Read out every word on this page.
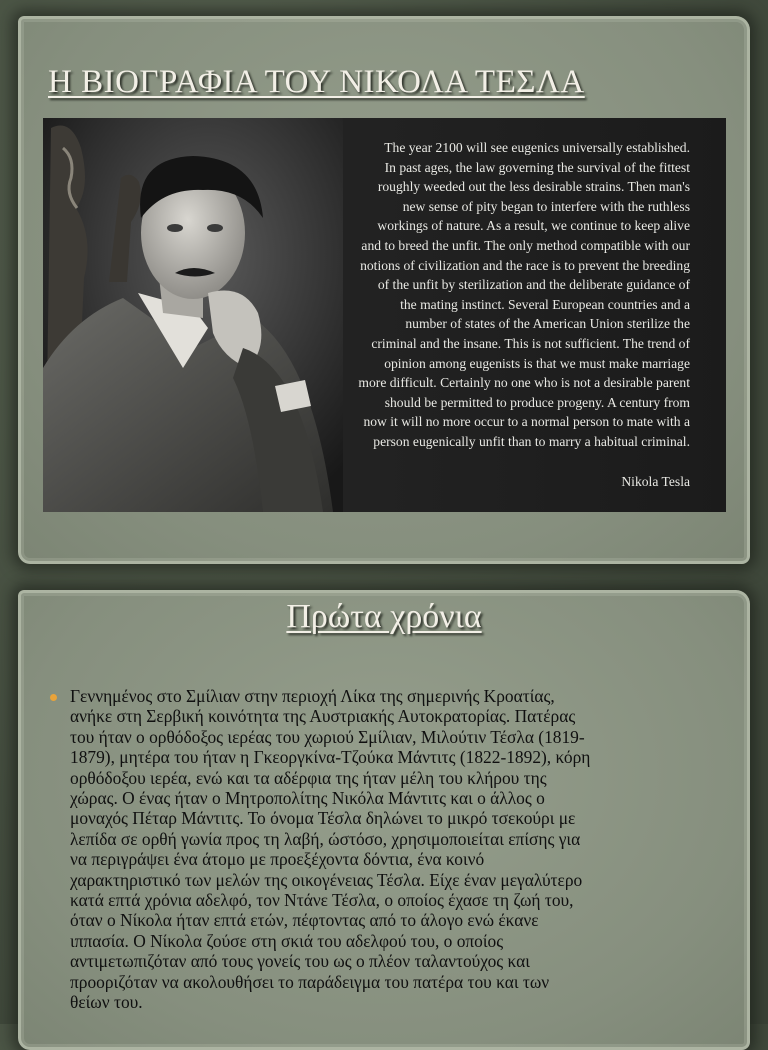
Η ΒΙΟΓΡΑΦΙΑ ΤΟΥ ΝΙΚΟΛΑ ΤΕΣΛΑ

The year 2100 will see eugenics universally established.
In past ages, the law governing the survival of the fittest
roughly weeded out the less desirable strains. Then man's
new sense of pity began to interfere with the ruthless
workings of nature. As a result, we continue to keep alive
and to breed the unfit. The only method compatible with our
notions of civilization and the race is to prevent the breeding
of the unfit by sterilization and the deliberate guidance of
the mating instinct. Several European countries and a
number of states of the American Union sterilize the
criminal and the insane. This is not sufficient. The trend of
opinion among eugenists is that we must make marriage
more difficult. Certainly no one who is not a desirable parent
should be permitted to produce progeny. A century from
now it will no more occur to a normal person to mate with a
person eugenically unfit than to marry a habitual criminal.

Nikola Tesla
Πρώτα χρόνια
Γεννημένος στο Σμίλιαν στην περιοχή Λίκα της σημερινής Κροατίας,
ανήκε στη Σερβική κοινότητα της Αυστριακής Αυτοκρατορίας. Πατέρας
του ήταν ο ορθόδοξος ιερέας του χωριού Σμίλιαν, Μιλούτιν Τέσλα (1819-
1879), μητέρα του ήταν η Γκεοργκίνα-Τζούκα Μάντιτς (1822-1892), κόρη
ορθόδοξου ιερέα, ενώ και τα αδέρφια της ήταν μέλη του κλήρου της
χώρας. Ο ένας ήταν ο Μητροπολίτης Νικόλα Μάντιτς και ο άλλος ο
μοναχός Πέταρ Μάντιτς. Το όνομα Τέσλα δηλώνει το μικρό τσεκούρι με
λεπίδα σε ορθή γωνία προς τη λαβή, ώστόσο, χρησιμοποιείται επίσης για
να περιγράψει ένα άτομο με προεξέχοντα δόντια, ένα κοινό
χαρακτηριστικό των μελών της οικογένειας Τέσλα. Είχε έναν μεγαλύτερο
κατά επτά χρόνια αδελφό, τον Ντάνε Τέσλα, ο οποίος έχασε τη ζωή του,
όταν ο Νίκολα ήταν επτά ετών, πέφτοντας από το άλογο ενώ έκανε
ιππασία. Ο Νίκολα ζούσε στη σκιά του αδελφού του, ο οποίος
αντιμετωπιζόταν από τους γονείς του ως ο πλέον ταλαντούχος και
προοριζόταν να ακολουθήσει το παράδειγμα του πατέρα του και των
θείων του.
